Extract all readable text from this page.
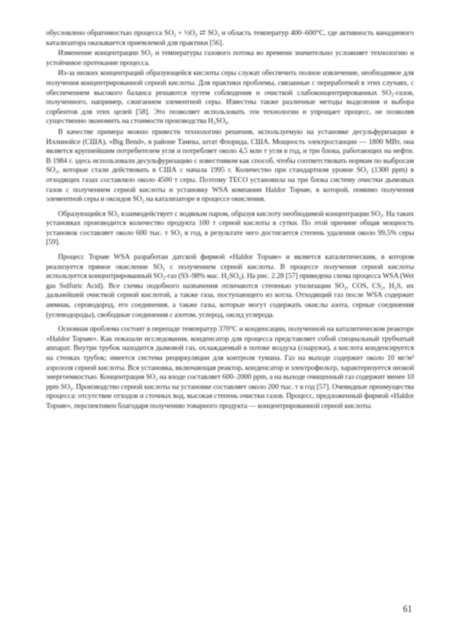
обусловлено обратимостью процесса SO₂ + ½O₂ ⇄ SO₃ и область температур 400–600°С, где активность ванадиевого катализатора оказывается приемлемой для практики [56].

Изменение концентрации SO₂ и температуры газового потока во времени значительно усложняет технологию и устойчивое протекание процесса.

Из-за низких концентраций образующейся кислоты серы служат обеспечить полное извлечение, необходимое для получения концентрированной серной кислоты. Для практики проблемы, связанные с переработкой в этих случаях, с обеспечением высокого баланса решаются путем соблюдения и очисткой слабоконцентрированных SO₂-газов, полученного, например, сжиганием элементной серы. Известны также различные методы выделения и выбора сорбентов для этих целей [58]. Это позволяет использовать эти технологии и упрощает процесс, не позволяя существенно экономить на стоимости производства H₂SO₄.

В качестве примера можно привести технологию решения, используемую на установке десульфуризации в Иллинойсе (США), «Big Bend», в районе Тампы, штат Флорида, США. Мощность электростанции — 1800 МВт, она является крупнейшим потребителем угля и потребляет около 4,5 млн т угля в год, и три блока, работающих на нефти. В 1984 г. здесь использовали десульфуризацию с известняком как способ, чтобы соответствовать нормам по выбросам SO₂, которые стали действовать в США с начала 1995 г. Количество при стандартном уровне SO₂ (1300 ppm) в отходящих газах составляло около 4500 т серы. Поэтому ТЕСО установила на три блока систему очистки дымовых газов с получением серной кислоты и установку WSA компании Haldor Topsøe, в которой, помимо получения элементной серы и оксидов SO₂ на катализаторе в процессе окисления.

Образующийся SO₃ взаимодействует с водяным паром, образуя кислоту необходимой концентрации SO₂. На таких установках производится количество продукта 100 т серной кислоты в сутки. По этой причине общая мощность установок составляет около 600 тыс. т SO₂ в год, в результате чего достигается степень удаления около 99,5% серы [59].

Процесс Topsøe WSA разработан датской фирмой «Haldor Topsøe» и является каталитическим, в котором реализуется прямое окисление SO₂ с получением серной кислоты. В процессе получения серной кислоты используется концентрированный SO₂-газ (93–98% мас. H₂SO₄). На рис. 2.28 [57] приведена схема процесса WSA (Wet gas Sulfuric Acid). Все схемы подобного назначения отличаются степенью утилизации SO₂, COS, CS₂, H₂S, их дальнейшей очисткой серной кислотой, а также газа, поступающего из котла. Отходящий газ после WSA содержит аммиак, сероводород, его соединения, а также газы, которые могут содержать окислы азота, серные соединения (углеводороды), свободные соединения с азотом, углерод, оксид углерода.

Основная проблема состоит в перепаде температур 370°С и конденсации, полученной на каталитическом реакторе «Haldor Topsøe». Как показали исследования, конденсатор для процесса представляет собой специальный трубчатый аппарат. Внутри трубок находится дымовой газ, охлаждаемый в потоке воздуха (снаружи), а кислота конденсируется на стенках трубок; имеется система рециркуляции для контроля тумана. Газ на выходе содержит около 10 мг/м³ аэрозоля серной кислоты. Вся установка, включающая реактор, конденсатор и электрофильтр, характеризуется низкой энергоемкостью. Концентрация SO₂ на входе составляет 600–2000 ppm, а на выходе очищенный газ содержит менее 10 ppm SO₂. Производство серной кислоты на установке составляет около 200 тыс. т в год [57]. Очевидные преимущества процесса: отсутствие отходов и сточных вод, высокая степень очистки газов. Процесс, предложенный фирмой «Haldor Topsøe», перспективен благодаря получению товарного продукта — концентрированной серной кислоты.

61
